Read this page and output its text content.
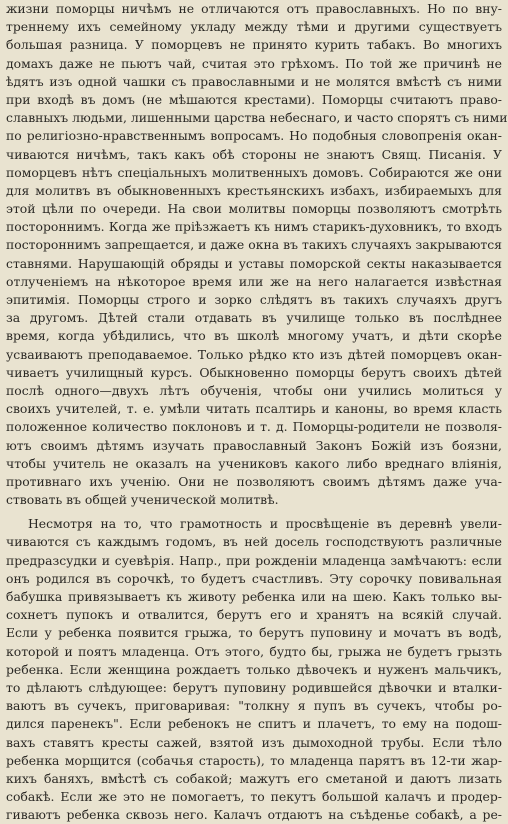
жизни поморцы ничѣмъ не отличаются отъ православныхъ. Но по вну-
треннему ихъ семейному укладу между тѣми и другими существуетъ
большая разница. У поморцевъ не принято курить табакъ. Во многихъ
домахъ даже не пьютъ чай, считая это грѣхомъ. По той же причинѣ не
ѣдятъ изъ одной чашки съ православными и не молятся вмѣстѣ съ ними
при входѣ въ домъ (не мѣшаются крестами). Поморцы считаютъ право-
славныхъ людьми, лишенными царства небеснаго, и часто спорятъ съ ними
по религіозно-нравственнымъ вопросамъ. Но подобныя словопренія окан-
чиваются ничѣмъ, такъ какъ обѣ стороны не знаютъ Свящ. Писанія. У
поморцевъ нѣтъ спеціальныхъ молитвенныхъ домовъ. Собираются же они
для молитвъ въ обыкновенныхъ крестьянскихъ избахъ, избираемыхъ для
этой цѣли по очереди. На свои молитвы поморцы позволяютъ смотрѣть
постороннимъ. Когда же пріѣзжаетъ къ нимъ старикъ-духовникъ, то входъ
постороннимъ запрещается, и даже окна въ такихъ случаяхъ закрываются
ставнями. Нарушающій обряды и уставы поморской секты наказывается
отлученіемъ на нѣкоторое время или же на него налагается извѣстная
эпитимія. Поморцы строго и зорко слѣдятъ въ такихъ случаяхъ другъ
за другомъ. Дѣтей стали отдавать въ училище только въ послѣднее
время, когда убѣдились, что въ школѣ многому учатъ, и дѣти скорѣе
усваиваютъ преподаваемое. Только рѣдко кто изъ дѣтей поморцевъ окан-
чиваетъ училищный курсъ. Обыкновенно поморцы берутъ своихъ дѣтей
послѣ одного—двухъ лѣтъ обученія, чтобы они учились молиться у
своихъ учителей, т. е. умѣли читать псалтирь и каноны, во время класть
положенное количество поклоновъ и т. д. Поморцы-родители не позволя-
ютъ своимъ дѣтямъ изучать православный Законъ Божій изъ боязни,
чтобы учитель не оказалъ на учениковъ какого либо вреднаго вліянія,
противнаго ихъ ученію. Они не позволяютъ своимъ дѣтямъ даже уча-
ствовать въ общей ученической молитвѣ.
Несмотря на то, что грамотность и просвѣщеніе въ деревнѣ увели-
чиваются съ каждымъ годомъ, въ ней досель господствуютъ различные
предразсудки и суевѣрія. Напр., при рожденіи младенца замѣчаютъ: если
онъ родился въ сорочкѣ, то будетъ счастливъ. Эту сорочку повивальная
бабушка привязываетъ къ животу ребенка или на шею. Какъ только вы-
сохнетъ пупокъ и отвалится, берутъ его и хранятъ на всякій случай.
Если у ребенка появится грыжа, то берутъ пуповину и мочатъ въ водѣ,
которой и поятъ младенца. Отъ этого, будто бы, грыжа не будетъ грызть
ребенка. Если женщина рождаетъ только дѣвочекъ и нуженъ мальчикъ,
то дѣлаютъ слѣдующее: берутъ пуповину родившейся дѣвочки и вталки-
ваютъ въ сучекъ, приговаривая: "толкну я пупъ въ сучекъ, чтобы ро-
дился паренекъ". Если ребенокъ не спитъ и плачетъ, то ему на подош-
вахъ ставятъ кресты сажей, взятой изъ дымоходной трубы. Если тѣло
ребенка морщится (собачья старость), то младенца парятъ въ 12-ти жар-
кихъ баняхъ, вмѣстѣ съ собакой; мажутъ его сметаной и даютъ лизать
собакѣ. Если же это не помогаетъ, то пекутъ большой калачъ и продер-
гиваютъ ребенка сквозь него. Калачъ отдаютъ на съѣденье собакѣ, а ре-
